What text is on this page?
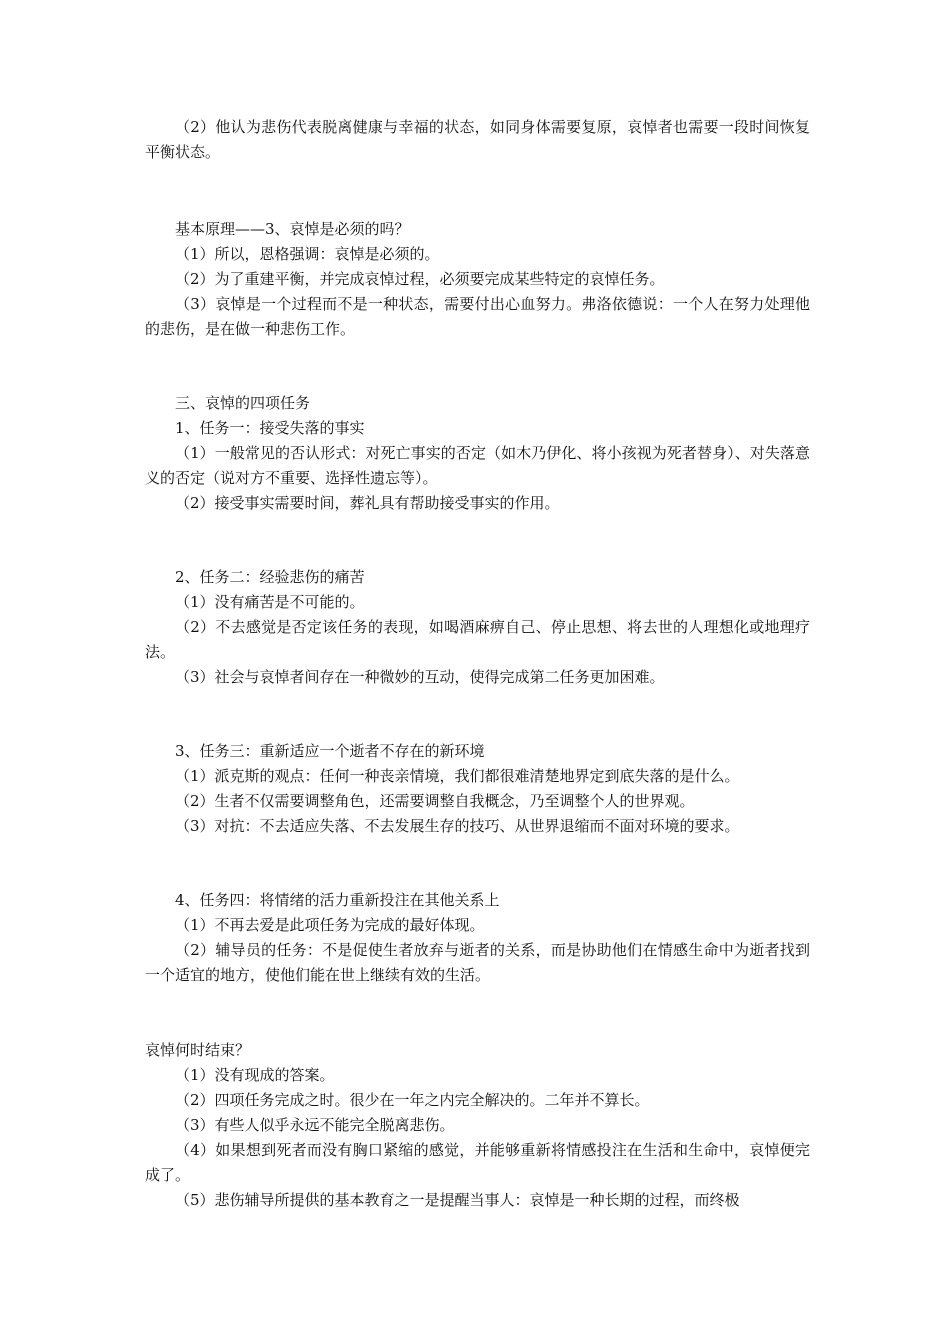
（2）他认为悲伤代表脱离健康与幸福的状态，如同身体需要复原，哀悼者也需要一段时间恢复平衡状态。

基本原理——3、哀悼是必须的吗？

（1）所以，恩格强调：哀悼是必须的。

（2）为了重建平衡，并完成哀悼过程，必须要完成某些特定的哀悼任务。

（3）哀悼是一个过程而不是一种状态，需要付出心血努力。弗洛依德说：一个人在努力处理他的悲伤，是在做一种悲伤工作。

三、哀悼的四项任务

1、任务一：接受失落的事实

（1）一般常见的否认形式：对死亡事实的否定（如木乃伊化、将小孩视为死者替身）、对失落意义的否定（说对方不重要、选择性遗忘等）。

（2）接受事实需要时间，葬礼具有帮助接受事实的作用。

2、任务二：经验悲伤的痛苦

（1）没有痛苦是不可能的。

（2）不去感觉是否定该任务的表现，如喝酒麻痹自己、停止思想、将去世的人理想化或地理疗法。

（3）社会与哀悼者间存在一种微妙的互动，使得完成第二任务更加困难。

3、任务三：重新适应一个逝者不存在的新环境

（1）派克斯的观点：任何一种丧亲情境，我们都很难清楚地界定到底失落的是什么。

（2）生者不仅需要调整角色，还需要调整自我概念，乃至调整个人的世界观。

（3）对抗：不去适应失落、不去发展生存的技巧、从世界退缩而不面对环境的要求。

4、任务四：将情绪的活力重新投注在其他关系上

（1）不再去爱是此项任务为完成的最好体现。

（2）辅导员的任务：不是促使生者放弃与逝者的关系，而是协助他们在情感生命中为逝者找到一个适宜的地方，使他们能在世上继续有效的生活。

哀悼何时结束？

（1）没有现成的答案。

（2）四项任务完成之时。很少在一年之内完全解决的。二年并不算长。

（3）有些人似乎永远不能完全脱离悲伤。

（4）如果想到死者而没有胸口紧缩的感觉，并能够重新将情感投注在生活和生命中，哀悼便完成了。

（5）悲伤辅导所提供的基本教育之一是提醒当事人：哀悼是一种长期的过程，而终极
